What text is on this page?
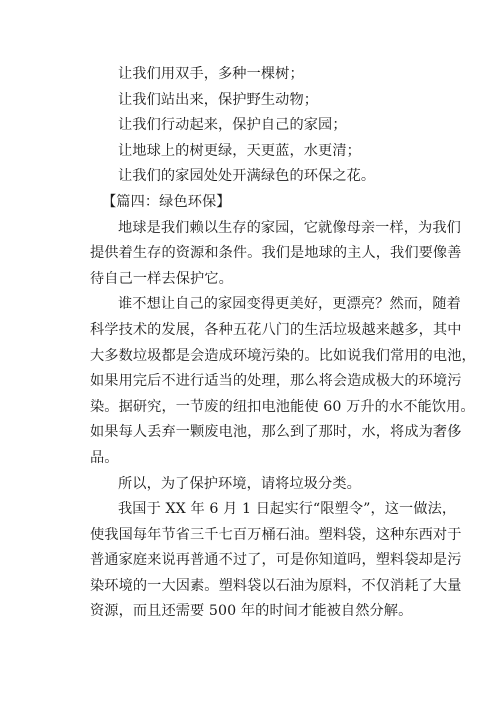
让我们用双手，多种一棵树；
让我们站出来，保护野生动物；
让我们行动起来，保护自己的家园；
让地球上的树更绿，天更蓝，水更清；
让我们的家园处处开满绿色的环保之花。
【篇四：绿色环保】
地球是我们赖以生存的家园，它就像母亲一样，为我们
提供着生存的资源和条件。我们是地球的主人，我们要像善
待自己一样去保护它。
谁不想让自己的家园变得更美好，更漂亮？然而，随着
科学技术的发展，各种五花八门的生活垃圾越来越多，其中
大多数垃圾都是会造成环境污染的。比如说我们常用的电池，
如果用完后不进行适当的处理，那么将会造成极大的环境污
染。据研究，一节废的纽扣电池能使 60 万升的水不能饮用。
如果每人丢弃一颗废电池，那么到了那时，水，将成为奢侈
品。
所以，为了保护环境，请将垃圾分类。
我国于 XX 年 6 月 1 日起实行“限塑令”，这一做法，
使我国每年节省三千七百万桶石油。塑料袋，这种东西对于
普通家庭来说再普通不过了，可是你知道吗，塑料袋却是污
染环境的一大因素。塑料袋以石油为原料，不仅消耗了大量
资源，而且还需要 500 年的时间才能被自然分解。
